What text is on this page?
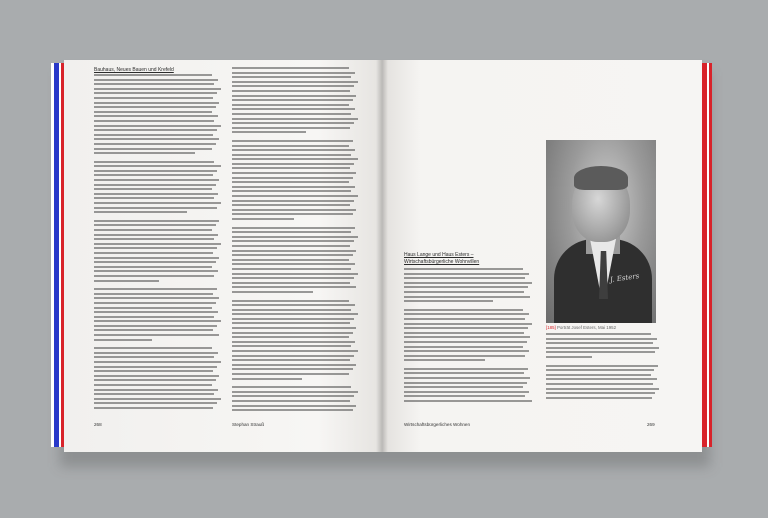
Bauhaus, Neues Bauen und Krefeld
Haus Lange und Haus Esters –
Wirtschaftsbürgerliche Wohnvillen
J. Esters
[185] Porträt Josef Esters, Mai 1952
268	Stephan Strauß	Wirtschaftsbürgerliches Wohnen	269
